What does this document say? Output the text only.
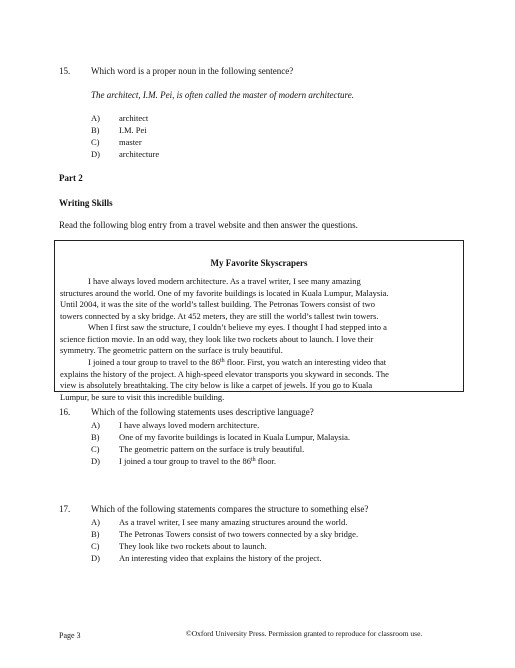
15. Which word is a proper noun in the following sentence?
The architect, I.M. Pei, is often called the master of modern architecture.
A) architect
B) I.M. Pei
C) master
D) architecture
Part 2
Writing Skills
Read the following blog entry from a travel website and then answer the questions.
My Favorite Skyscrapers
I have always loved modern architecture. As a travel writer, I see many amazing
structures around the world. One of my favorite buildings is located in Kuala Lumpur, Malaysia.
Until 2004, it was the site of the world’s tallest building. The Petronas Towers consist of two
towers connected by a sky bridge. At 452 meters, they are still the world’s tallest twin towers.
When I first saw the structure, I couldn’t believe my eyes. I thought I had stepped into a
science fiction movie. In an odd way, they look like two rockets about to launch. I love their
symmetry. The geometric pattern on the surface is truly beautiful.
I joined a tour group to travel to the 86th floor. First, you watch an interesting video that
explains the history of the project. A high-speed elevator transports you skyward in seconds. The
view is absolutely breathtaking. The city below is like a carpet of jewels. If you go to Kuala
Lumpur, be sure to visit this incredible building.
16. Which of the following statements uses descriptive language?
A) I have always loved modern architecture.
B) One of my favorite buildings is located in Kuala Lumpur, Malaysia.
C) The geometric pattern on the surface is truly beautiful.
D) I joined a tour group to travel to the 86th floor.
17. Which of the following statements compares the structure to something else?
A) As a travel writer, I see many amazing structures around the world.
B) The Petronas Towers consist of two towers connected by a sky bridge.
C) They look like two rockets about to launch.
D) An interesting video that explains the history of the project.
Page 3	©Oxford University Press. Permission granted to reproduce for classroom use.
